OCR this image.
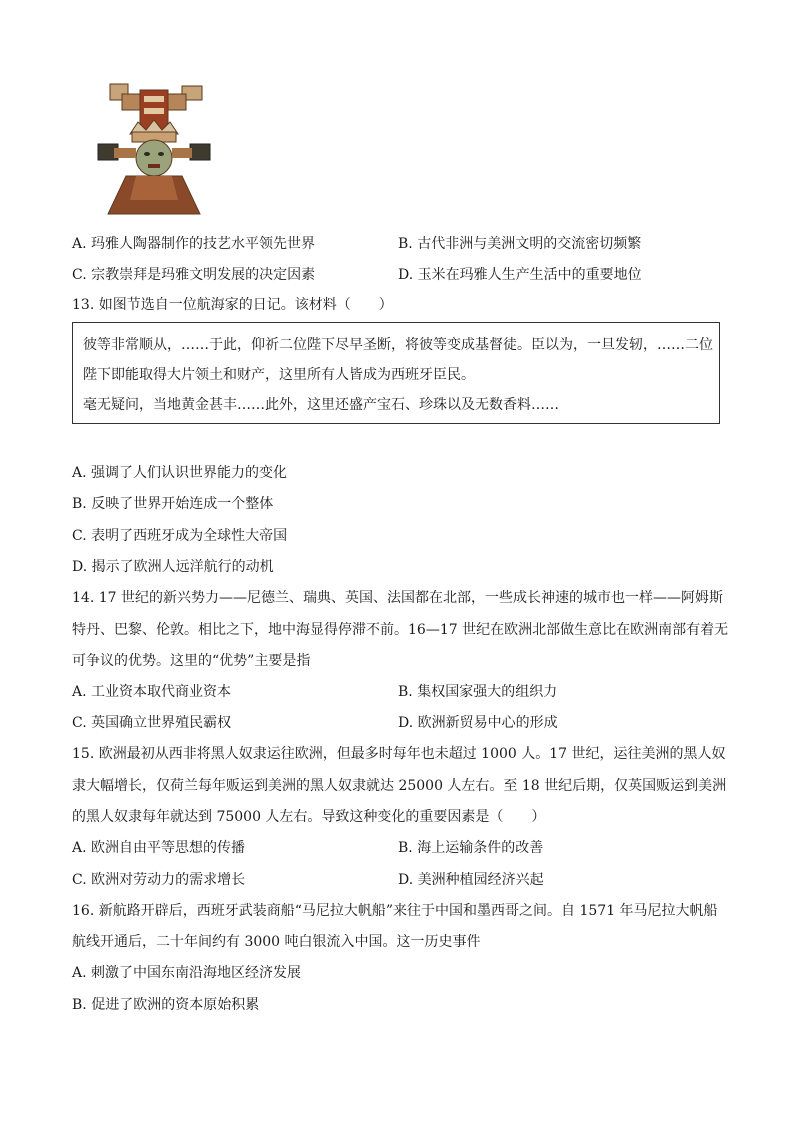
A. 玛雅人陶器制作的技艺水平领先世界	B. 古代非洲与美洲文明的交流密切频繁
C. 宗教崇拜是玛雅文明发展的决定因素	D. 玉米在玛雅人生产生活中的重要地位
13. 如图节选自一位航海家的日记。该材料（　　）
彼等非常顺从，……于此，仰祈二位陛下尽早圣断，将彼等变成基督徒。臣以为，一旦发轫，……二位
陛下即能取得大片领土和财产，这里所有人皆成为西班牙臣民。
毫无疑问，当地黄金甚丰……此外，这里还盛产宝石、珍珠以及无数香料……
A. 强调了人们认识世界能力的变化
B. 反映了世界开始连成一个整体
C. 表明了西班牙成为全球性大帝国
D. 揭示了欧洲人远洋航行的动机
14. 17 世纪的新兴势力——尼德兰、瑞典、英国、法国都在北部，一些成长神速的城市也一样——阿姆斯
特丹、巴黎、伦敦。相比之下，地中海显得停滞不前。16—17 世纪在欧洲北部做生意比在欧洲南部有着无
可争议的优势。这里的“优势”主要是指
A. 工业资本取代商业资本	B. 集权国家强大的组织力
C. 英国确立世界殖民霸权	D. 欧洲新贸易中心的形成
15. 欧洲最初从西非将黑人奴隶运往欧洲，但最多时每年也未超过 1000 人。17 世纪，运往美洲的黑人奴
隶大幅增长，仅荷兰每年贩运到美洲的黑人奴隶就达 25000 人左右。至 18 世纪后期，仅英国贩运到美洲
的黑人奴隶每年就达到 75000 人左右。导致这种变化的重要因素是（　　）
A. 欧洲自由平等思想的传播	B. 海上运输条件的改善
C. 欧洲对劳动力的需求增长	D. 美洲种植园经济兴起
16. 新航路开辟后，西班牙武装商船“马尼拉大帆船”来往于中国和墨西哥之间。自 1571 年马尼拉大帆船
航线开通后，二十年间约有 3000 吨白银流入中国。这一历史事件
A. 刺激了中国东南沿海地区经济发展
B. 促进了欧洲的资本原始积累
